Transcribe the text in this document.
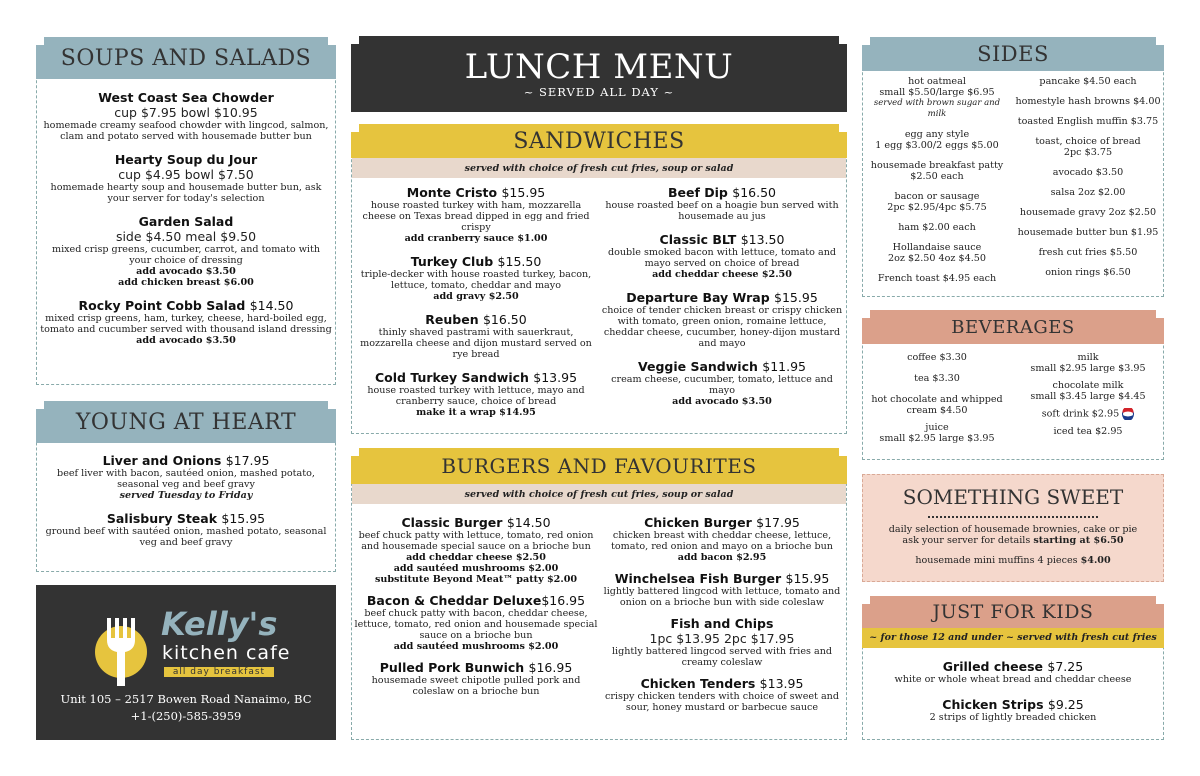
SOUPS AND SALADS
West Coast Sea Chowder
cup $7.95 bowl $10.95
homemade creamy seafood chowder with lingcod, salmon, clam and potato served with housemade butter bun
Hearty Soup du Jour
cup $4.95 bowl $7.50
homemade hearty soup and housemade butter bun, ask your server for today's selection
Garden Salad
side $4.50 meal $9.50
mixed crisp greens, cucumber, carrot, and tomato with your choice of dressing
add avocado $3.50
add chicken breast $6.00
Rocky Point Cobb Salad $14.50
mixed crisp greens, ham, turkey, cheese, hard-boiled egg, tomato and cucumber served with thousand island dressing
add avocado $3.50
YOUNG AT HEART
Liver and Onions $17.95
beef liver with bacon, sautéed onion, mashed potato, seasonal veg and beef gravy
served Tuesday to Friday
Salisbury Steak $15.95
ground beef with sautéed onion, mashed potato, seasonal veg and beef gravy
Kelly's
kitchen cafe
all day breakfast
Unit 105 – 2517 Bowen Road Nanaimo, BC
+1-(250)-585-3959
LUNCH MENU
~ SERVED ALL DAY ~
SANDWICHES
served with choice of fresh cut fries, soup or salad
Monte Cristo $15.95
house roasted turkey with ham, mozzarella cheese on Texas bread dipped in egg and fried crispy
add cranberry sauce $1.00
Turkey Club $15.50
triple-decker with house roasted turkey, bacon, lettuce, tomato, cheddar and mayo
add gravy $2.50
Reuben $16.50
thinly shaved pastrami with sauerkraut, mozzarella cheese and dijon mustard served on rye bread
Cold Turkey Sandwich $13.95
house roasted turkey with lettuce, mayo and cranberry sauce, choice of bread
make it a wrap $14.95
Beef Dip $16.50
house roasted beef on a hoagie bun served with housemade au jus
Classic BLT $13.50
double smoked bacon with lettuce, tomato and mayo served on choice of bread
add cheddar cheese $2.50
Departure Bay Wrap $15.95
choice of tender chicken breast or crispy chicken with tomato, green onion, romaine lettuce, cheddar cheese, cucumber, honey-dijon mustard and mayo
Veggie Sandwich $11.95
cream cheese, cucumber, tomato, lettuce and mayo
add avocado $3.50
BURGERS AND FAVOURITES
served with choice of fresh cut fries, soup or salad
Classic Burger $14.50
beef chuck patty with lettuce, tomato, red onion and housemade special sauce on a brioche bun
add cheddar cheese $2.50
add sautéed mushrooms $2.00
substitute Beyond Meat™ patty $2.00
Bacon & Cheddar Deluxe$16.95
beef chuck patty with bacon, cheddar cheese, lettuce, tomato, red onion and housemade special sauce on a brioche bun
add sautéed mushrooms $2.00
Pulled Pork Bunwich $16.95
housemade sweet chipotle pulled pork and coleslaw on a brioche bun
Chicken Burger $17.95
chicken breast with cheddar cheese, lettuce, tomato, red onion and mayo on a brioche bun
add bacon $2.95
Winchelsea Fish Burger $15.95
lightly battered lingcod with lettuce, tomato and onion on a brioche bun with side coleslaw
Fish and Chips
1pc $13.95 2pc $17.95
lightly battered lingcod served with fries and creamy coleslaw
Chicken Tenders $13.95
crispy chicken tenders with choice of sweet and sour, honey mustard or barbecue sauce
SIDES
hot oatmeal
small $5.50/large $6.95
served with brown sugar and milk
egg any style
1 egg $3.00/2 eggs $5.00
housemade breakfast patty
$2.50 each
bacon or sausage
2pc $2.95/4pc $5.75
ham $2.00 each
Hollandaise sauce
2oz $2.50 4oz $4.50
French toast $4.95 each
pancake $4.50 each
homestyle hash browns $4.00
toasted English muffin $3.75
toast, choice of bread
2pc $3.75
avocado $3.50
salsa 2oz $2.00
housemade gravy 2oz $2.50
housemade butter bun $1.95
fresh cut fries $5.50
onion rings $6.50
BEVERAGES
coffee $3.30
tea $3.30
hot chocolate and whipped
cream $4.50
juice
small $2.95 large $3.95
milk
small $2.95 large $3.95
chocolate milk
small $3.45 large $4.45
soft drink $2.95
iced tea $2.95
SOMETHING SWEET
daily selection of housemade brownies, cake or pie
ask your server for details starting at $6.50
housemade mini muffins 4 pieces $4.00
JUST FOR KIDS
~ for those 12 and under ~ served with fresh cut fries
Grilled cheese $7.25
white or whole wheat bread and cheddar cheese
Chicken Strips $9.25
2 strips of lightly breaded chicken
